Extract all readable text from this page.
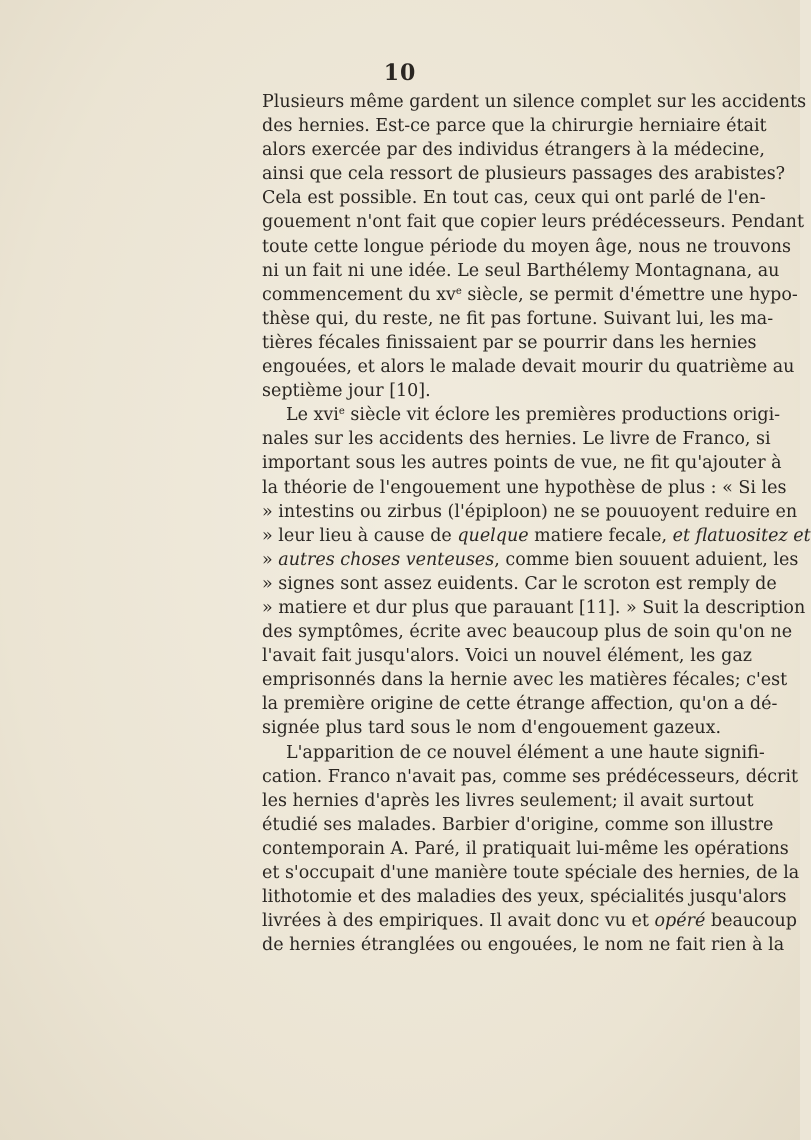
10
Plusieurs même gardent un silence complet sur les accidents
des hernies. Est-ce parce que la chirurgie herniaire était
alors exercée par des individus étrangers à la médecine,
ainsi que cela ressort de plusieurs passages des arabistes?
Cela est possible. En tout cas, ceux qui ont parlé de l'en-
gouement n'ont fait que copier leurs prédécesseurs. Pendant
toute cette longue période du moyen âge, nous ne trouvons
ni un fait ni une idée. Le seul Barthélemy Montagnana, au
commencement du $xv^e$ siècle, se permit d'émettre une hypo-
thèse qui, du reste, ne fit pas fortune. Suivant lui, les ma-
tières fécales finissaient par se pourrir dans les hernies
engouées, et alors le malade devait mourir du quatrième au
septième jour [10].
Le xvi$^e$ siècle vit éclore les premières productions origi-
nales sur les accidents des hernies. Le livre de Franco, si
important sous les autres points de vue, ne fit qu'ajouter à
la théorie de l'engouement une hypothèse de plus : « Si les
» intestins ou zirbus (l'épiploon) ne se pouuoyent reduire en
» leur lieu à cause de quelque matiere fecale, et flatuositez et
» autres choses venteuses, comme bien souuent aduient, les
» signes sont assez euidents. Car le scroton est remply de
» matiere et dur plus que parauant [11]. » Suit la description
des symptômes, écrite avec beaucoup plus de soin qu'on ne
l'avait fait jusqu'alors. Voici un nouvel élément, les gaz
emprisonnés dans la hernie avec les matières fécales; c'est
la première origine de cette étrange affection, qu'on a dé-
signée plus tard sous le nom d'engouement gazeux.
L'apparition de ce nouvel élément a une haute signifi-
cation. Franco n'avait pas, comme ses prédécesseurs, décrit
les hernies d'après les livres seulement; il avait surtout
étudié ses malades. Barbier d'origine, comme son illustre
contemporain A. Paré, il pratiquait lui-même les opérations
et s'occupait d'une manière toute spéciale des hernies, de la
lithotomie et des maladies des yeux, spécialités jusqu'alors
livrées à des empiriques. Il avait donc vu et opéré beaucoup
de hernies étranglées ou engouées, le nom ne fait rien à la
